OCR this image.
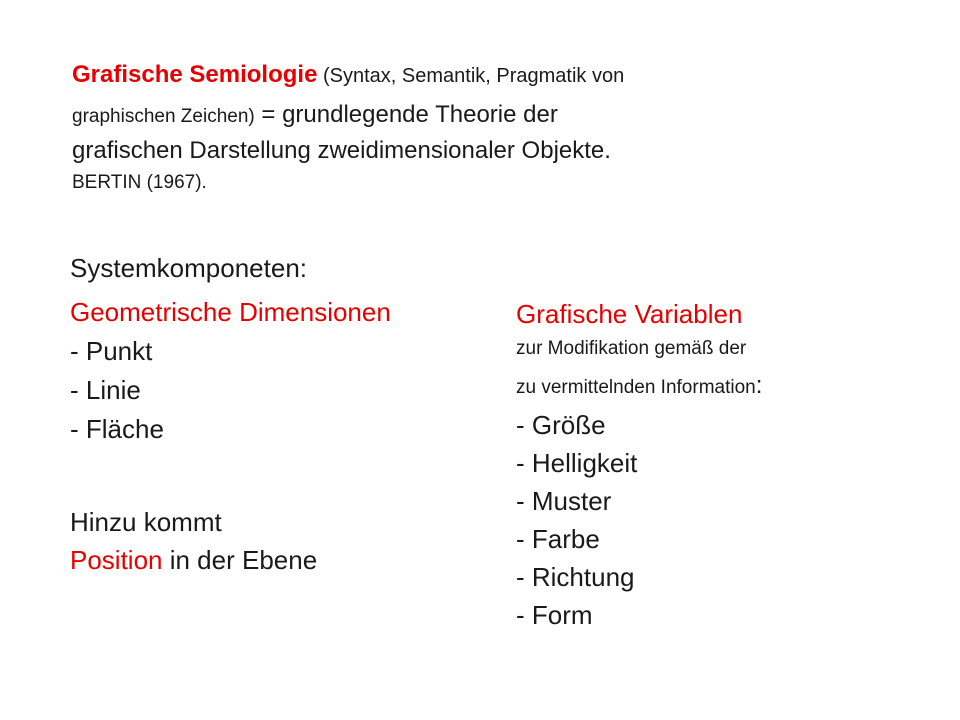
Grafische Semiologie (Syntax, Semantik, Pragmatik von
graphischen Zeichen) = grundlegende Theorie der
grafischen Darstellung zweidimensionaler Objekte.
BERTIN (1967).
Systemkomponeten:
Geometrische Dimensionen
- Punkt
- Linie
- Fläche
Hinzu kommt
Position in der Ebene
Grafische Variablen
zur Modifikation gemäß der
zu vermittelnden Information:
- Größe
- Helligkeit
- Muster
- Farbe
- Richtung
- Form
